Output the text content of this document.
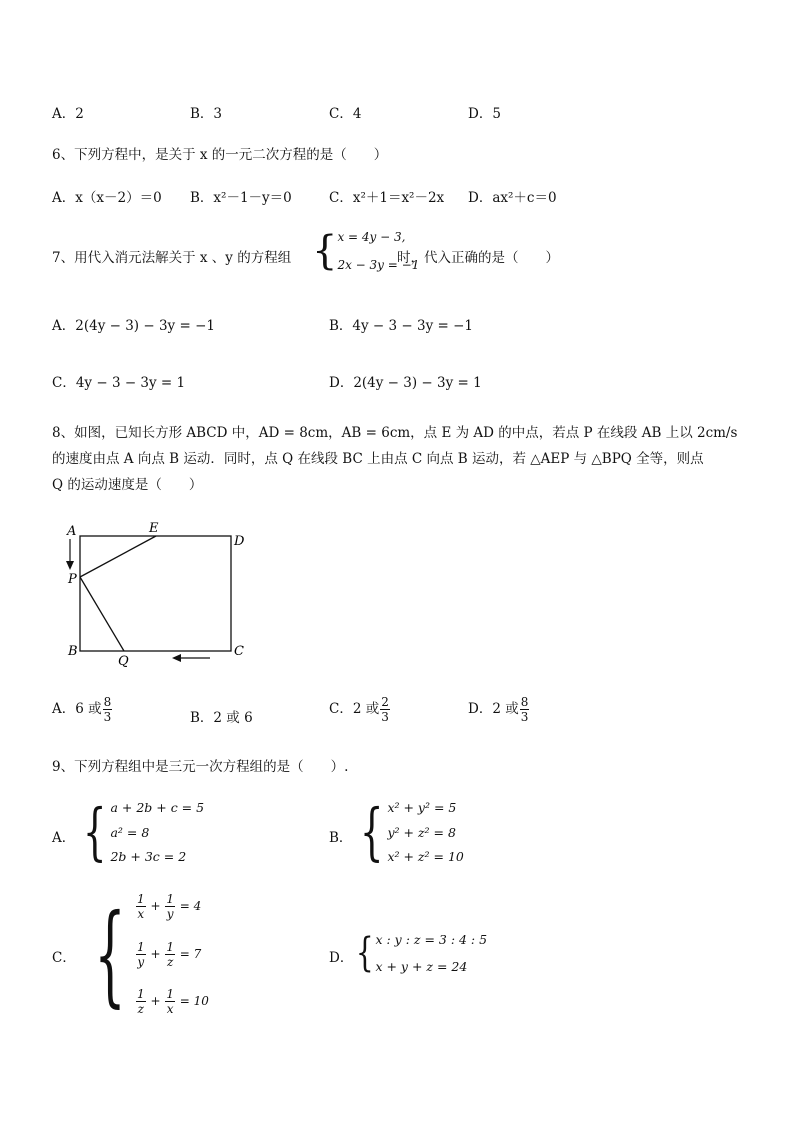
A．2	B．3	C．4	D．5
6、下列方程中，是关于 x 的一元二次方程的是（　　）
A．x（x－2）＝0 B．x²－1－y＝0	C．x²＋1＝x²－2x D．ax²＋c＝0
7、用代入消元法解关于 x 、y 的方程组 { x = 4y − 3,
2x − 3y = −1
时，代入正确的是（　　）
A．2(4y − 3) − 3y = −1	B．4y − 3 − 3y = −1
C．4y − 3 − 3y = 1	D．2(4y − 3) − 3y = 1
8、如图，已知长方形 ABCD 中，AD = 8cm，AB = 6cm，点 E 为 AD 的中点，若点 P 在线段 AB 上以 2cm/s
的速度由点 A 向点 B 运动．同时，点 Q 在线段 BC 上由点 C 向点 B 运动，若 △AEP 与 △BPQ 全等，则点
Q 的运动速度是（　　）
A	E
D
P
B
Q
C
A．6 或 $\frac{8}{3}$	B．2 或 6
C．2 或 $\frac{2}{3}$	D．2 或 $\frac{8}{3}$
9、下列方程组中是三元一次方程组的是（　　）.
A． { a + 2b + c = 5
a² = 8
2b + 3c = 2
B． { x² + y² = 5
y² + z² = 8
x² + z² = 10
C． { $\frac{1}{x} + \frac{1}{y} = 4$
$\frac{1}{y} + \frac{1}{z} = 7$
$\frac{1}{z} + \frac{1}{x} = 10$
D． { x : y : z = 3 : 4 : 5
x + y + z = 24
